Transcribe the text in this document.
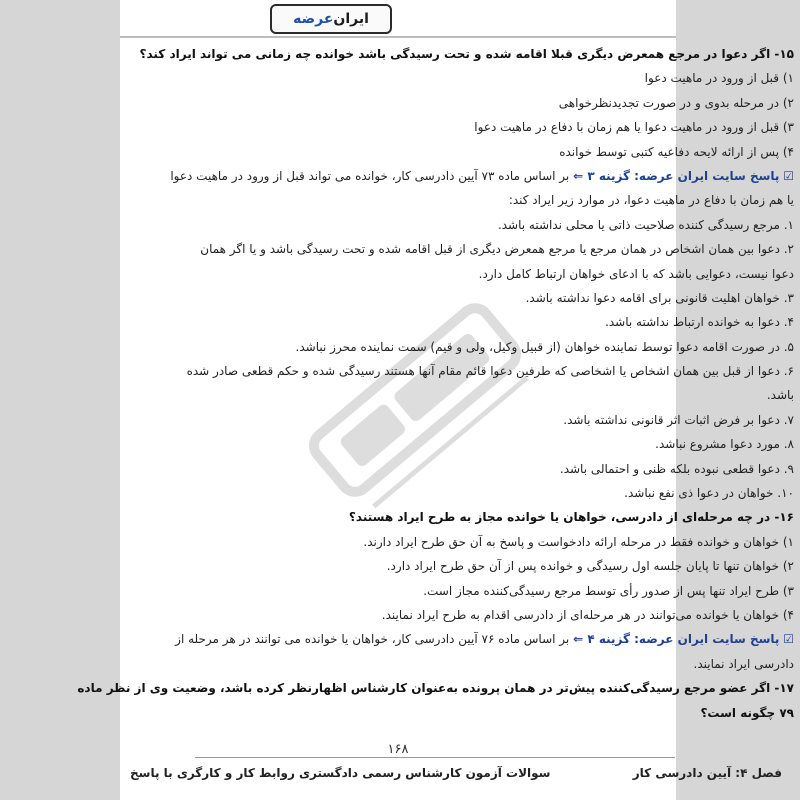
ایران
عرضه
۱۵- اگر دعوا در مرجع همعرض دیگری قبلا اقامه شده و تحت رسیدگی باشد خوانده چه زمانی می تواند ایراد کند؟
۱) قبل از ورود در ماهیت دعوا
۲) در مرحله بدوی و در صورت تجدیدنظرخواهی
۳) قبل از ورود در ماهیت دعوا یا هم زمان با دفاع در ماهیت دعوا
۴) پس از ارائه لایحه دفاعیه کتبی توسط خوانده
☑ پاسخ سایت ایران عرضه: گزینه ۳ ⇐ بر اساس ماده ۷۳ آیین دادرسی کار، خوانده می تواند قبل از ورود در ماهیت دعوا
یا هم زمان با دفاع در ماهیت دعوا، در موارد زیر ایراد کند:
۱. مرجع رسیدگی کننده صلاحیت ذاتی یا محلی نداشته باشد.
۲. دعوا بین همان اشخاص در همان مرجع یا مرجع همعرض دیگری از قبل اقامه شده و تحت رسیدگی باشد و یا اگر همان
دعوا نیست، دعوایی باشد که با ادعای خواهان ارتباط کامل دارد.
۳. خواهان اهلیت قانونی برای اقامه دعوا نداشته باشد.
۴. دعوا به خوانده ارتباط نداشته باشد.
۵. در صورت اقامه دعوا توسط نماینده خواهان (از قبیل وکیل، ولی و قیم) سمت نماینده محرز نباشد.
۶. دعوا از قبل بین همان اشخاص یا اشخاصی که طرفین دعوا قائم مقام آنها هستند رسیدگی شده و حکم قطعی صادر شده
باشد.
۷. دعوا بر فرض اثبات اثر قانونی نداشته باشد.
۸. مورد دعوا مشروع نباشد.
۹. دعوا قطعی نبوده بلکه ظنی و احتمالی باشد.
۱۰. خواهان در دعوا ذی نفع نباشد.
۱۶- در چه مرحله‌ای از دادرسی، خواهان یا خوانده مجاز به طرح ایراد هستند؟
۱) خواهان و خوانده فقط در مرحله ارائه دادخواست و پاسخ به آن حق طرح ایراد دارند.
۲) خواهان تنها تا پایان جلسه اول رسیدگی و خوانده پس از آن حق طرح ایراد دارد.
۳) طرح ایراد تنها پس از صدور رأی توسط مرجع رسیدگی‌کننده مجاز است.
۴) خواهان یا خوانده می‌توانند در هر مرحله‌ای از دادرسی اقدام به طرح ایراد نمایند.
☑ پاسخ سایت ایران عرضه: گزینه ۴ ⇐ بر اساس ماده ۷۶ آیین دادرسی کار، خواهان یا خوانده می توانند در هر مرحله از
دادرسی ایراد نمایند.
۱۷- اگر عضو مرجع رسیدگی‌کننده پیش‌تر در همان پرونده به‌عنوان کارشناس اظهارنظر کرده باشد، وضعیت وی از نظر ماده
۷۹ چگونه است؟
۱۶۸
فصل ۴: آیین دادرسی کار
سوالات آزمون کارشناس رسمی دادگستری روابط کار و کارگری با پاسخ
